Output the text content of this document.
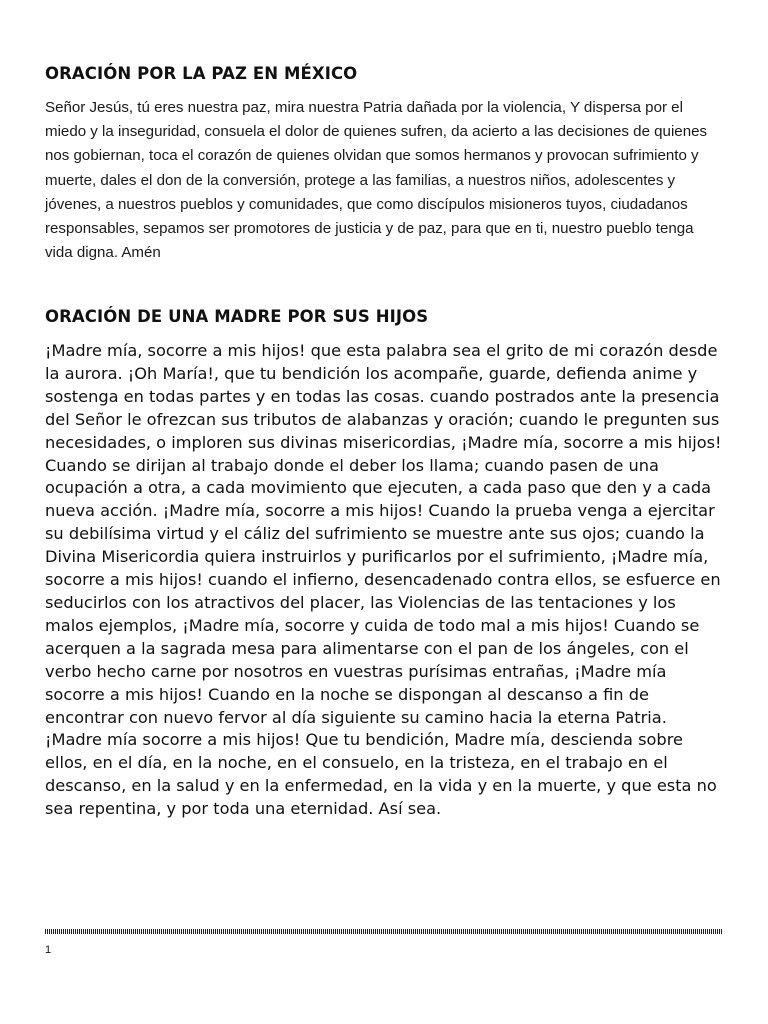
ORACIÓN POR LA PAZ EN MÉXICO

Señor Jesús, tú eres nuestra paz, mira nuestra Patria dañada por la violencia, Y dispersa por el miedo y la inseguridad, consuela el dolor de quienes sufren, da acierto a las decisiones de quienes nos gobiernan, toca el corazón de quienes olvidan que somos hermanos y provocan sufrimiento y muerte, dales el don de la conversión, protege a las familias, a nuestros niños, adolescentes y jóvenes, a nuestros pueblos y comunidades, que como discípulos misioneros tuyos, ciudadanos responsables, sepamos ser promotores de justicia y de paz, para que en ti, nuestro pueblo tenga vida digna. Amén

ORACIÓN DE UNA MADRE POR SUS HIJOS

¡Madre mía, socorre a mis hijos! que esta palabra sea el grito de mi corazón desde la aurora. ¡Oh María!, que tu bendición los acompañe, guarde, defienda anime y sostenga en todas partes y en todas las cosas. cuando postrados ante la presencia del Señor le ofrezcan sus tributos de alabanzas y oración; cuando le pregunten sus necesidades, o imploren sus divinas misericordias, ¡Madre mía, socorre a mis hijos! Cuando se dirijan al trabajo donde el deber los llama; cuando pasen de una ocupación a otra, a cada movimiento que ejecuten, a cada paso que den y a cada nueva acción. ¡Madre mía, socorre a mis hijos! Cuando la prueba venga a ejercitar su debilísima virtud y el cáliz del sufrimiento se muestre ante sus ojos; cuando la Divina Misericordia quiera instruirlos y purificarlos por el sufrimiento, ¡Madre mía, socorre a mis hijos! cuando el infierno, desencadenado contra ellos, se esfuerce en seducirlos con los atractivos del placer, las Violencias de las tentaciones y los malos ejemplos, ¡Madre mía, socorre y cuida de todo mal a mis hijos! Cuando se acerquen a la sagrada mesa para alimentarse con el pan de los ángeles, con el verbo hecho carne por nosotros en vuestras purísimas entrañas, ¡Madre mía socorre a mis hijos! Cuando en la noche se dispongan al descanso a fin de encontrar con nuevo fervor al día siguiente su camino hacia la eterna Patria. ¡Madre mía socorre a mis hijos! Que tu bendición, Madre mía, descienda sobre ellos, en el día, en la noche, en el consuelo, en la tristeza, en el trabajo en el descanso, en la salud y en la enfermedad, en la vida y en la muerte, y que esta no sea repentina, y por toda una eternidad. Así sea.

1
